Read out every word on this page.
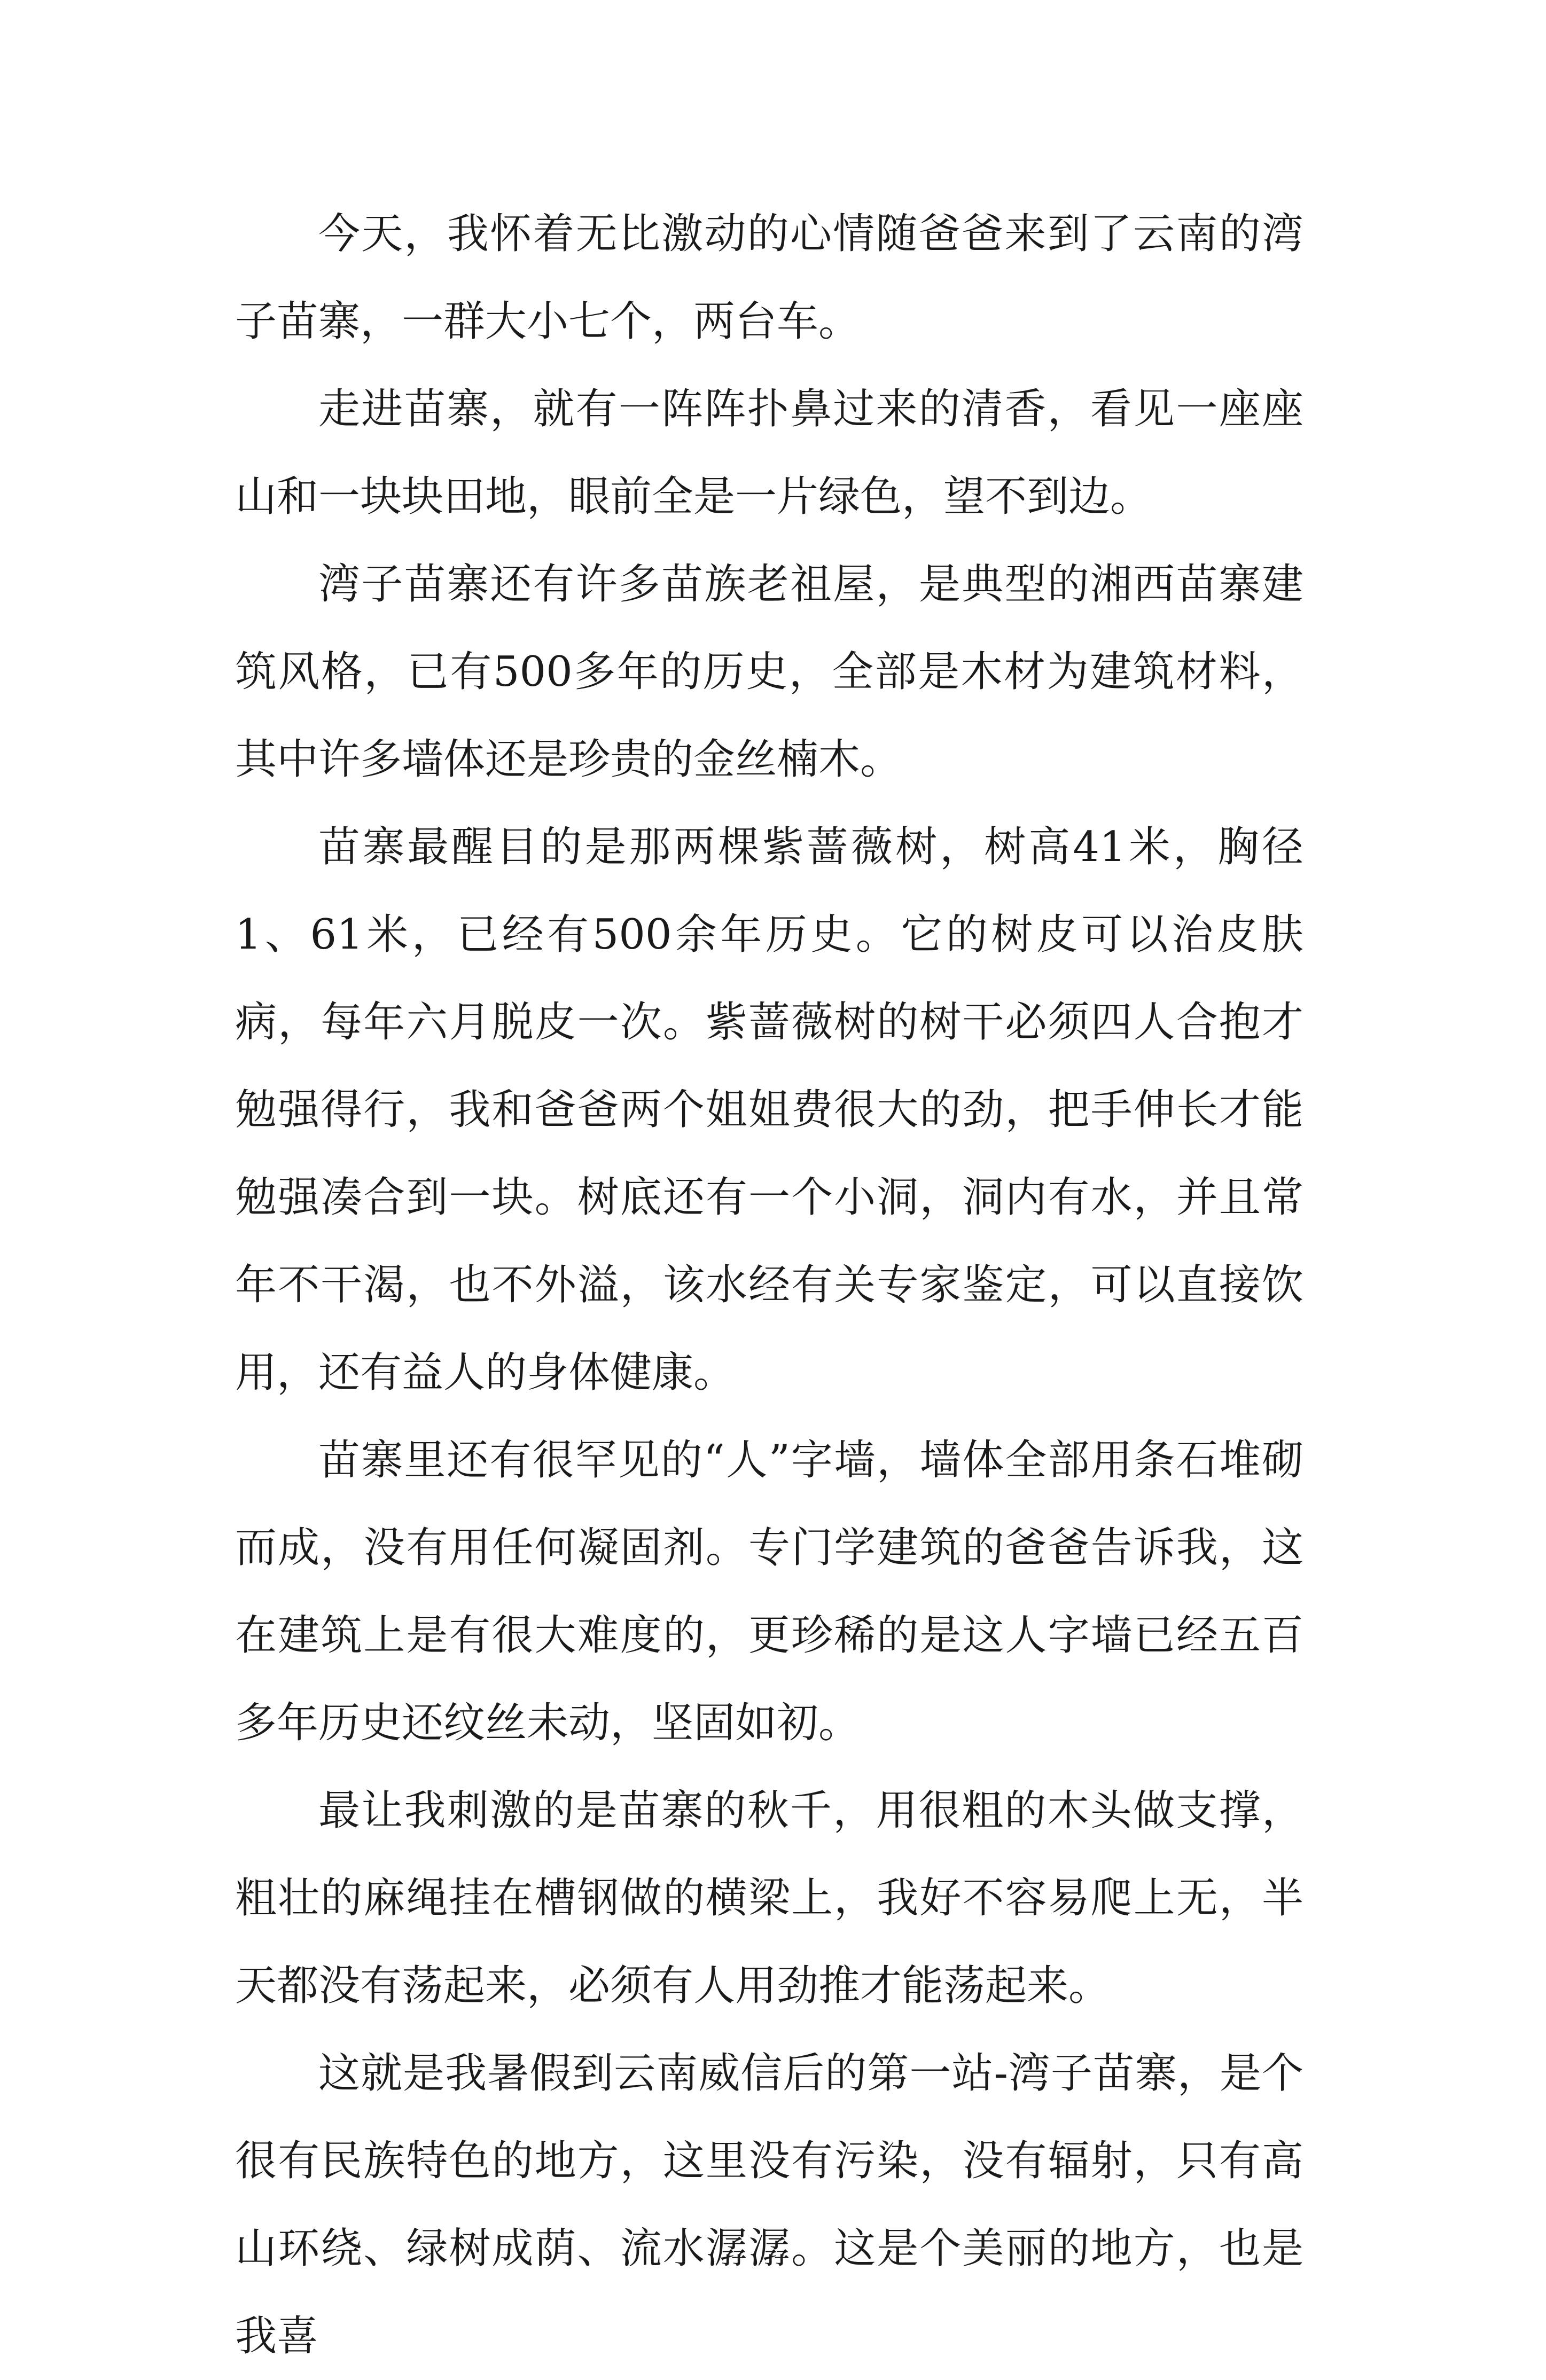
今天，我怀着无比激动的心情随爸爸来到了云南的湾子苗寨，一群大小七个，两台车。

走进苗寨，就有一阵阵扑鼻过来的清香，看见一座座山和一块块田地，眼前全是一片绿色，望不到边。

湾子苗寨还有许多苗族老祖屋，是典型的湘西苗寨建筑风格，已有500多年的历史，全部是木材为建筑材料，其中许多墙体还是珍贵的金丝楠木。

苗寨最醒目的是那两棵紫蔷薇树，树高41米，胸径1、61米，已经有500余年历史。它的树皮可以治皮肤病，每年六月脱皮一次。紫蔷薇树的树干必须四人合抱才勉强得行，我和爸爸两个姐姐费很大的劲，把手伸长才能勉强凑合到一块。树底还有一个小洞，洞内有水，并且常年不干渴，也不外溢，该水经有关专家鉴定，可以直接饮用，还有益人的身体健康。

苗寨里还有很罕见的“人”字墙，墙体全部用条石堆砌而成，没有用任何凝固剂。专门学建筑的爸爸告诉我，这在建筑上是有很大难度的，更珍稀的是这人字墙已经五百多年历史还纹丝未动，坚固如初。

最让我刺激的是苗寨的秋千，用很粗的木头做支撑，粗壮的麻绳挂在槽钢做的横梁上，我好不容易爬上无，半天都没有荡起来，必须有人用劲推才能荡起来。

这就是我暑假到云南威信后的第一站-湾子苗寨，是个很有民族特色的地方，这里没有污染，没有辐射，只有高山环绕、绿树成荫、流水潺潺。这是个美丽的地方，也是我喜
